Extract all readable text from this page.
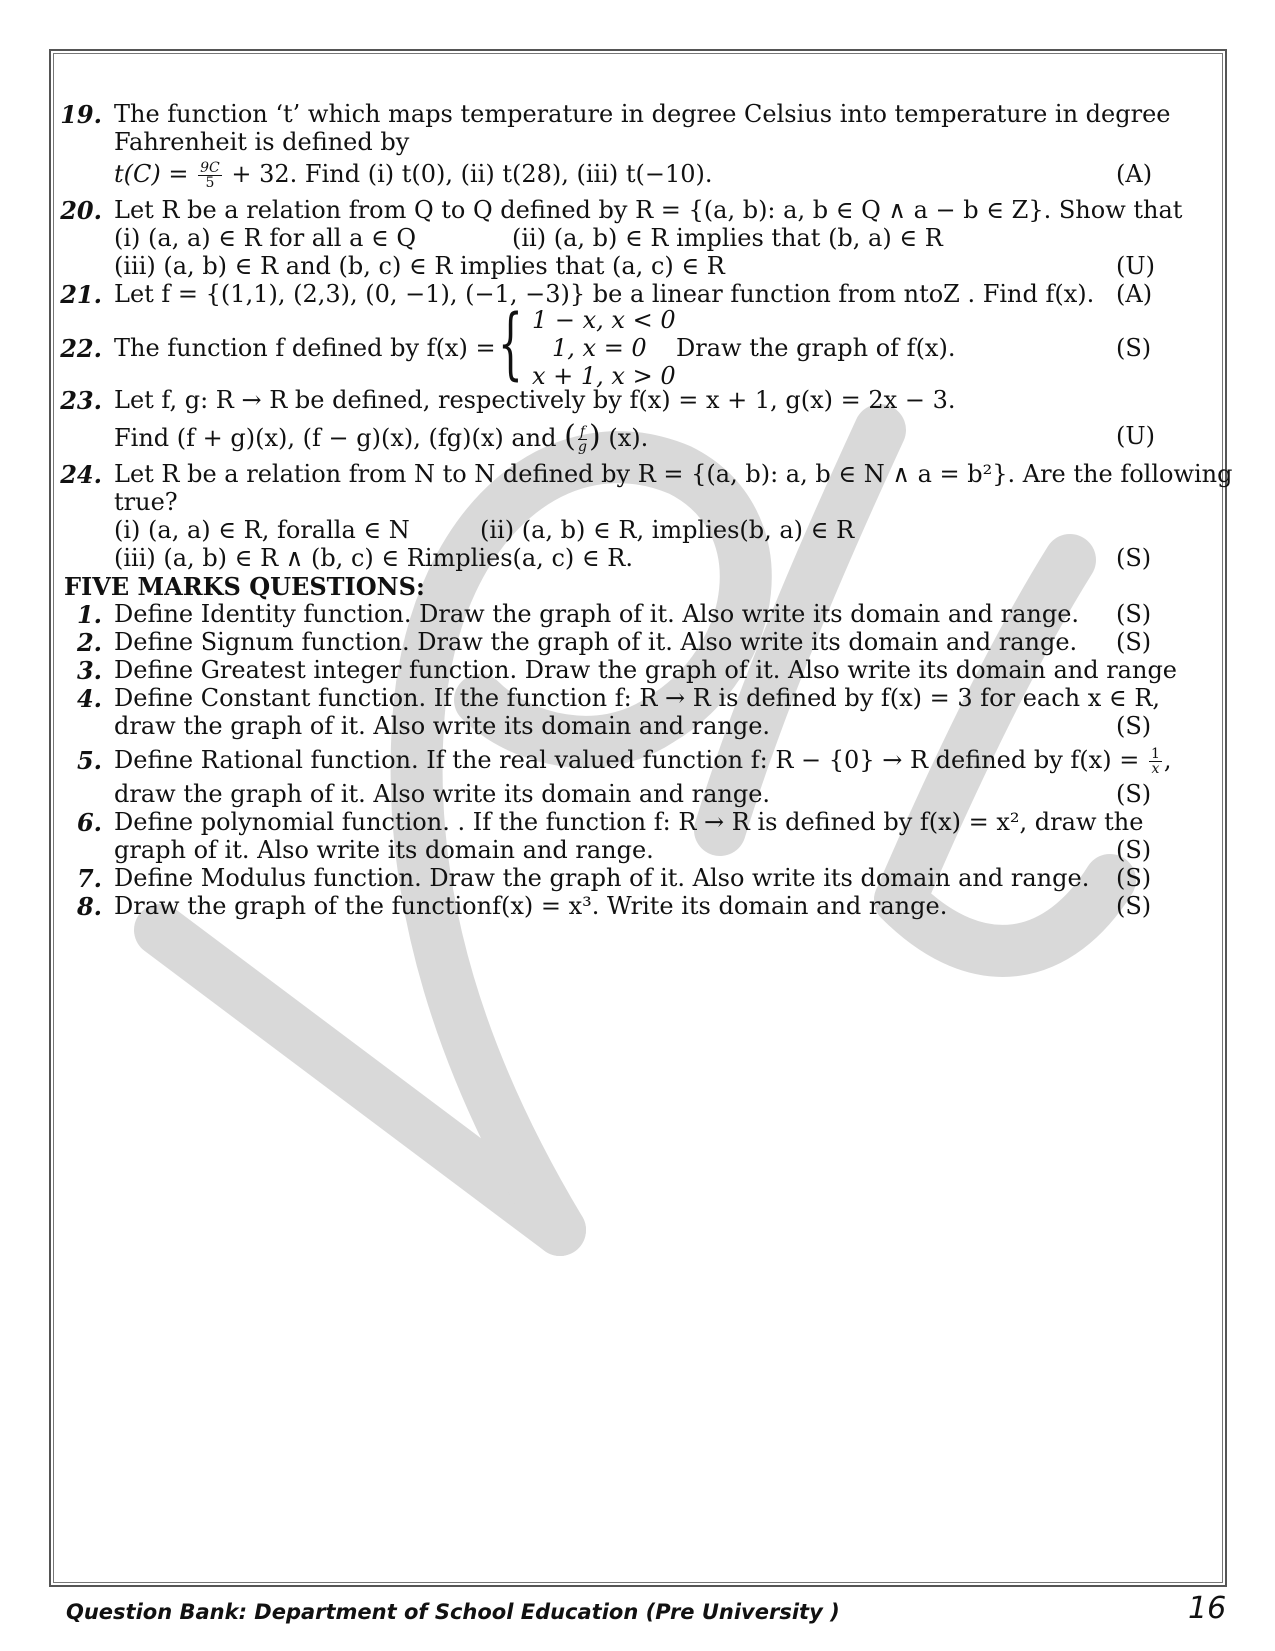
19. The function ‘t’ which maps temperature in degree Celsius into temperature in degree
Fahrenheit is defined by
$t(C) = \frac{9C}{5} + 32$. Find (i) t(0), (ii) t(28), (iii) t(−10).	(A)
20. Let R be a relation from Q to Q defined by R = {(a, b): a, b ∈ Q ∧ a − b ∈ Z}. Show that
(i) (a, a) ∈ R for all a ∈ Q	(ii) (a, b) ∈ R implies that (b, a) ∈ R
(iii) (a, b) ∈ R and (b, c) ∈ R implies that (a, c) ∈ R	(U)
21. Let f = {(1,1), (2,3), (0, −1), (−1, −3)} be a linear function from ntoZ . Find f(x). (A)
22. The function f defined by f(x) = { 1 − x, x < 0
1, x = 0
x + 1, x > 0
Draw the graph of f(x).	(S)
23. Let f, g: R → R be defined, respectively by f(x) = x + 1, g(x) = 2x − 3.
Find (f + g)(x), (f − g)(x), (fg)(x) and ( $\frac{f}{g}$ ) (x).	(U)
24. Let R be a relation from N to N defined by R = {(a, b): a, b ∈ N ∧ a = b²}. Are the following
true?
(i) (a, a) ∈ R, foralla ∈ N	(ii) (a, b) ∈ R, implies(b, a) ∈ R
(iii) (a, b) ∈ R ∧ (b, c) ∈ Rimplies(a, c) ∈ R.	(S)
FIVE MARKS QUESTIONS:
1. Define Identity function. Draw the graph of it. Also write its domain and range. (S)
2. Define Signum function. Draw the graph of it. Also write its domain and range. (S)
3. Define Greatest integer function. Draw the graph of it. Also write its domain and range
4. Define Constant function. If the function f: R → R is defined by f(x) = 3 for each x ∈ R,
draw the graph of it. Also write its domain and range.	(S)
5. Define Rational function. If the real valued function f: R − {0} → R defined by $f(x) = \frac{1}{x}$ ,
draw the graph of it. Also write its domain and range.	(S)
6. Define polynomial function. . If the function f: R → R is defined by f(x) = x², draw the
graph of it. Also write its domain and range.	(S)
7. Define Modulus function. Draw the graph of it. Also write its domain and range. (S)
8. Draw the graph of the functionf(x) = x³. Write its domain and range.	(S)
Question Bank: Department of School Education (Pre University )	16
